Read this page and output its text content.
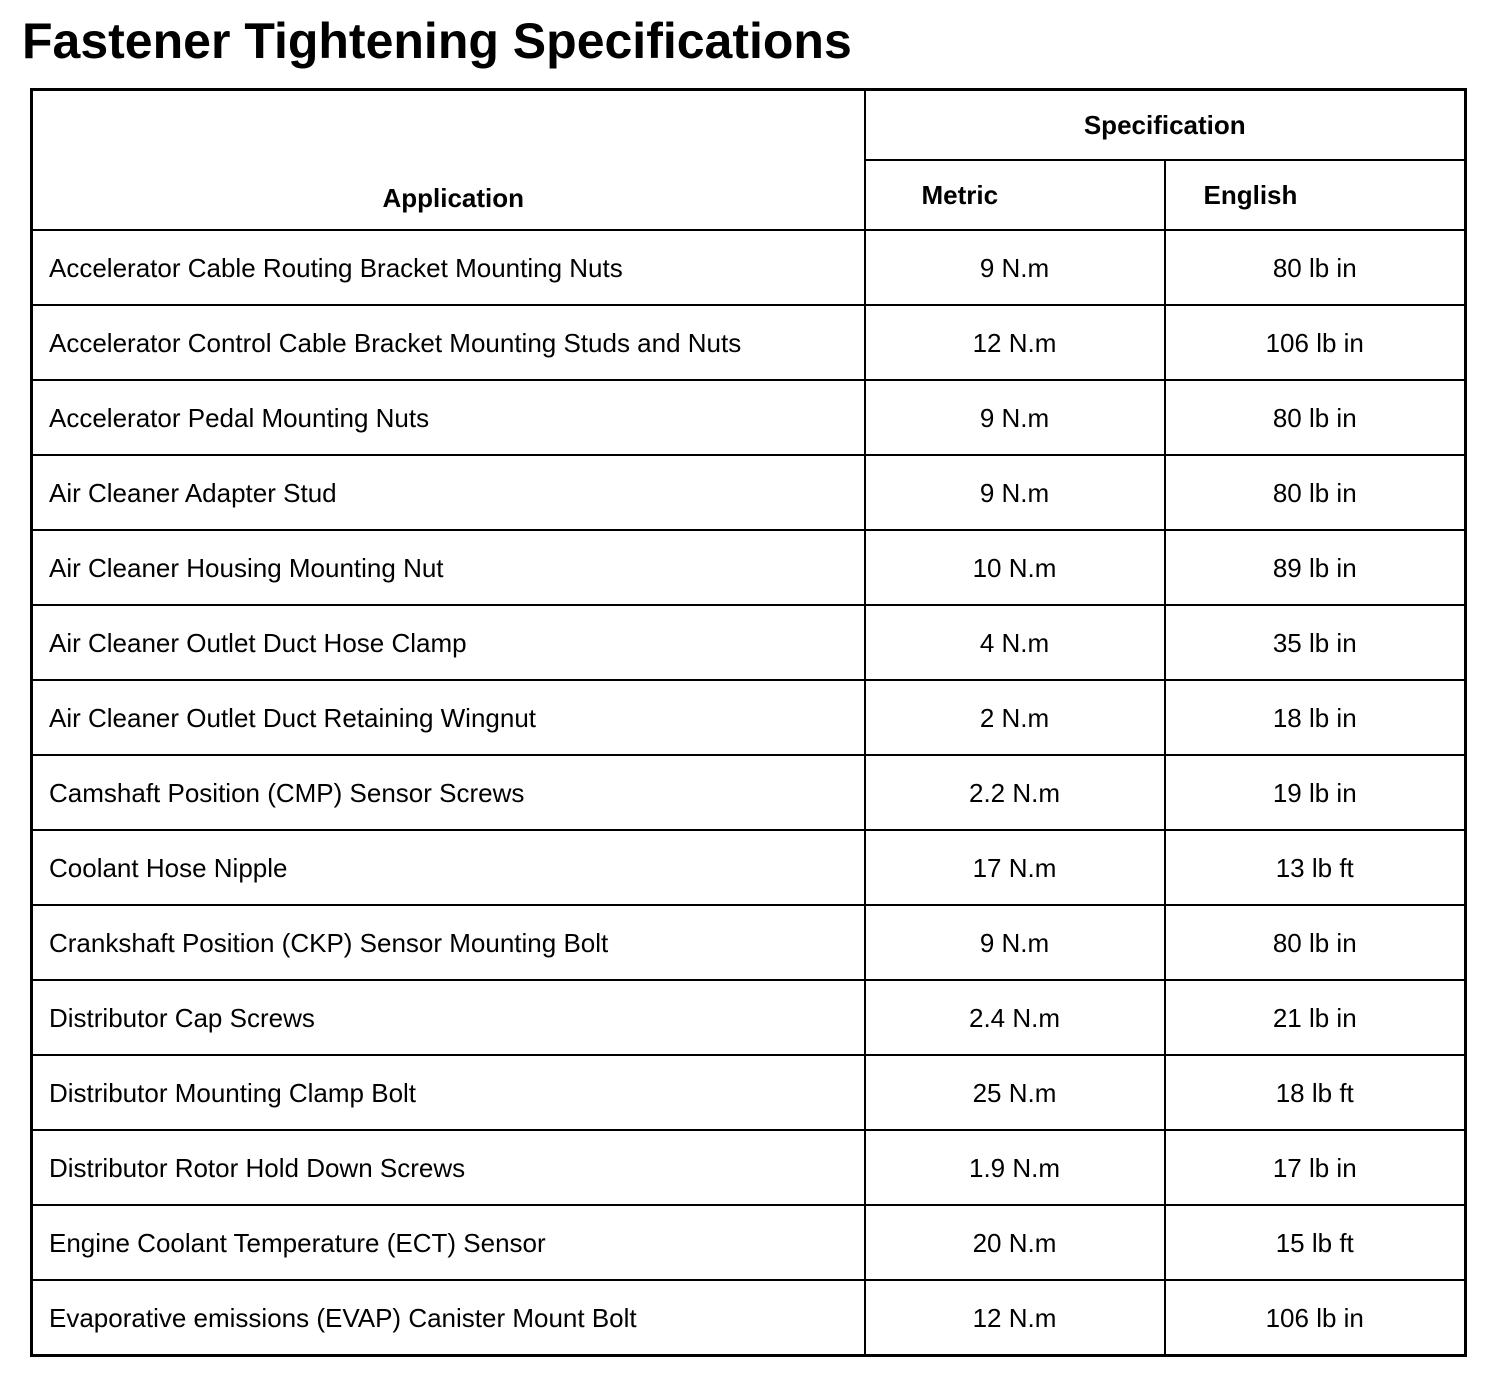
Fastener Tightening Specifications
Application	Specification	
	Metric	English
Accelerator Cable Routing Bracket Mounting Nuts	9 N.m	80 lb in
Accelerator Control Cable Bracket Mounting Studs and Nuts	12 N.m	106 lb in
Accelerator Pedal Mounting Nuts	9 N.m	80 lb in
Air Cleaner Adapter Stud	9 N.m	80 lb in
Air Cleaner Housing Mounting Nut	10 N.m	89 lb in
Air Cleaner Outlet Duct Hose Clamp	4 N.m	35 lb in
Air Cleaner Outlet Duct Retaining Wingnut	2 N.m	18 lb in
Camshaft Position (CMP) Sensor Screws	2.2 N.m	19 lb in
Coolant Hose Nipple	17 N.m	13 lb ft
Crankshaft Position (CKP) Sensor Mounting Bolt	9 N.m	80 lb in
Distributor Cap Screws	2.4 N.m	21 lb in
Distributor Mounting Clamp Bolt	25 N.m	18 lb ft
Distributor Rotor Hold Down Screws	1.9 N.m	17 lb in
Engine Coolant Temperature (ECT) Sensor	20 N.m	15 lb ft
Evaporative emissions (EVAP) Canister Mount Bolt	12 N.m	106 lb in
